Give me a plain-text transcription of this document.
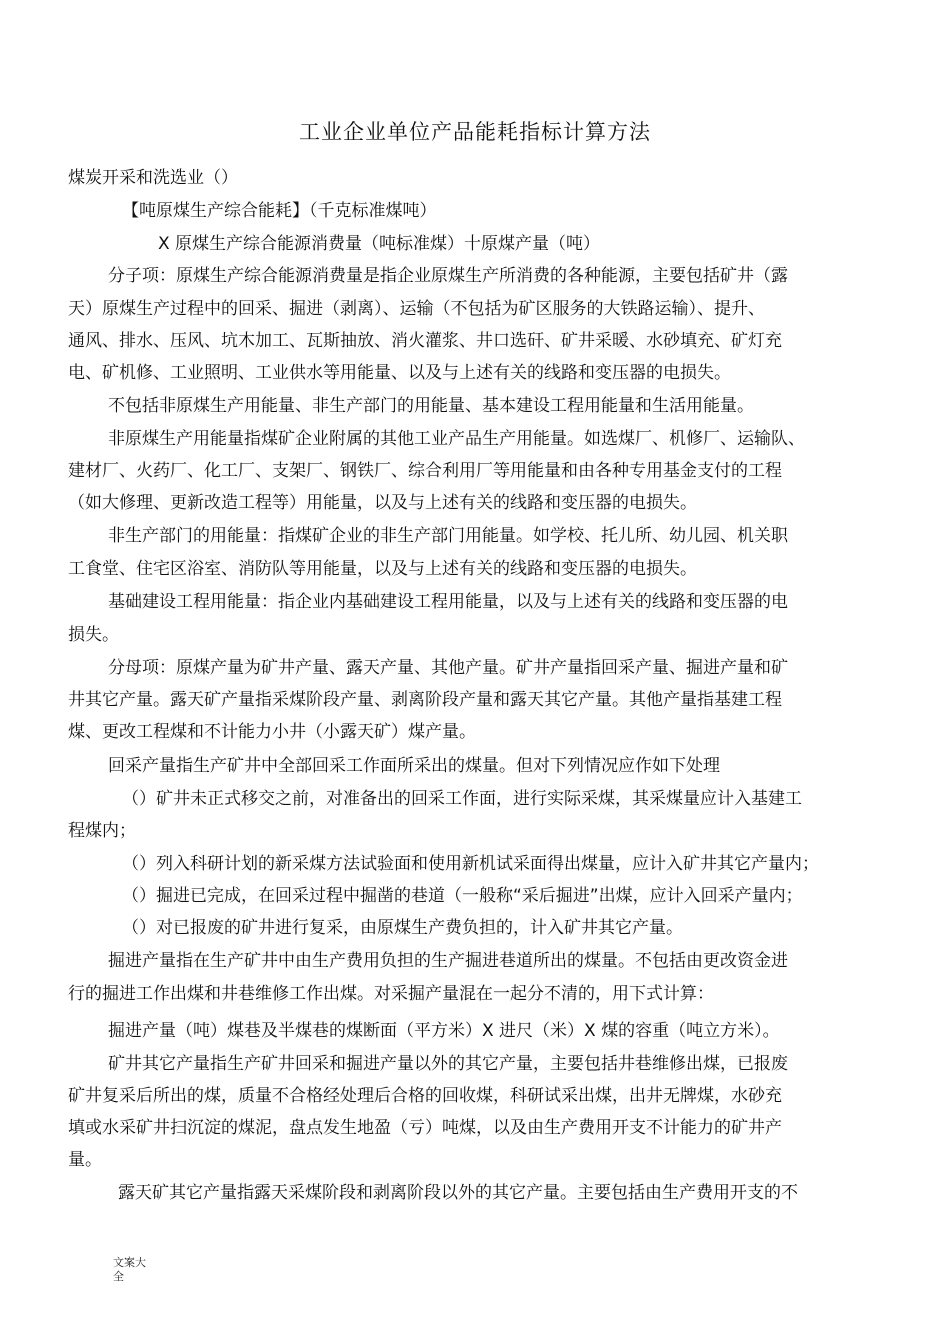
工业企业单位产品能耗指标计算方法
煤炭开采和洗选业（）
【吨原煤生产综合能耗】（千克标准煤吨）
X 原煤生产综合能源消费量（吨标准煤）十原煤产量（吨）
分子项：原煤生产综合能源消费量是指企业原煤生产所消费的各种能源，主要包括矿井（露
天）原煤生产过程中的回采、掘进（剥离）、运输（不包括为矿区服务的大铁路运输）、提升、
通风、排水、压风、坑木加工、瓦斯抽放、消火灌浆、井口选矸、矿井采暖、水砂填充、矿灯充
电、矿机修、工业照明、工业供水等用能量、以及与上述有关的线路和变压器的电损失。
不包括非原煤生产用能量、非生产部门的用能量、基本建设工程用能量和生活用能量。
非原煤生产用能量指煤矿企业附属的其他工业产品生产用能量。如选煤厂、机修厂、运输队、
建材厂、火药厂、化工厂、支架厂、钢铁厂、综合利用厂等用能量和由各种专用基金支付的工程
（如大修理、更新改造工程等）用能量，以及与上述有关的线路和变压器的电损失。
非生产部门的用能量：指煤矿企业的非生产部门用能量。如学校、托儿所、幼儿园、机关职
工食堂、住宅区浴室、消防队等用能量，以及与上述有关的线路和变压器的电损失。
基础建设工程用能量：指企业内基础建设工程用能量，以及与上述有关的线路和变压器的电
损失。
分母项：原煤产量为矿井产量、露天产量、其他产量。矿井产量指回采产量、掘进产量和矿
井其它产量。露天矿产量指采煤阶段产量、剥离阶段产量和露天其它产量。其他产量指基建工程
煤、更改工程煤和不计能力小井（小露天矿）煤产量。
回采产量指生产矿井中全部回采工作面所采出的煤量。但对下列情况应作如下处理
（）矿井未正式移交之前，对准备出的回采工作面，进行实际采煤，其采煤量应计入基建工
程煤内；
（）列入科研计划的新采煤方法试验面和使用新机试采面得出煤量，应计入矿井其它产量内；
（）掘进已完成，在回采过程中掘凿的巷道（一般称“采后掘进”出煤，应计入回采产量内；
（）对已报废的矿井进行复采，由原煤生产费负担的，计入矿井其它产量。
掘进产量指在生产矿井中由生产费用负担的生产掘进巷道所出的煤量。不包括由更改资金进
行的掘进工作出煤和井巷维修工作出煤。对采掘产量混在一起分不清的，用下式计算：
掘进产量（吨）煤巷及半煤巷的煤断面（平方米）X 进尺（米）X 煤的容重（吨立方米）。
矿井其它产量指生产矿井回采和掘进产量以外的其它产量，主要包括井巷维修出煤，已报废
矿井复采后所出的煤，质量不合格经处理后合格的回收煤，科研试采出煤，出井无牌煤，水砂充
填或水采矿井扫沉淀的煤泥，盘点发生地盈（亏）吨煤，以及由生产费用开支不计能力的矿井产
量。
露天矿其它产量指露天采煤阶段和剥离阶段以外的其它产量。主要包括由生产费用开支的不
文案大
全
